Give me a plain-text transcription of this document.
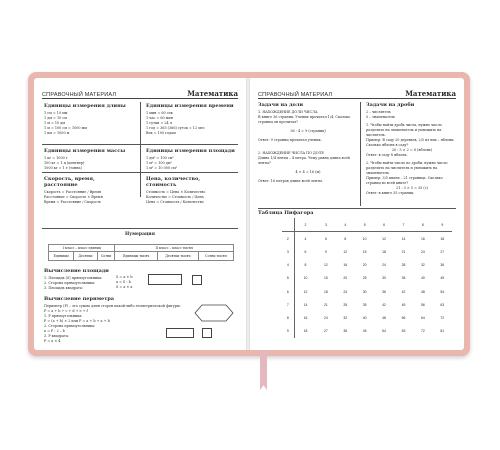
СПРАВОЧНЫЙ МАТЕРИАЛ	Математика
Единицы измерения длины
1 см = 10 мм
1 дм = 10 см
1 м = 10 дм
1 м = 100 см = 1000 мм
1 км = 1000 м
Единицы измерения времени
1 мин = 60 сек
1 час = 60 мин
1 сутки = 24 ч
1 год = 365 (366) суток = 12 мес
Век = 100 годам
Единицы измерения массы
1 кг = 1000 г
100 кг = 1 ц (центнер)
1000 кг = 1 т (тонна)
Единицы измерения площади
1 дм² = 100 см²
1 м² = 100 дм²
1 м² = 10 000 см²
Скорость, время, расстояние
Скорость = Расстояние / Время
Расстояние = Скорость × Время
Время = Расстояние / Скорость
Цена, количество, стоимость
Стоимость = Цена × Количество
Количество = Стоимость / Цена
Цена = Стоимость / Количество
Нумерация
I класс – класс единиц			II класс – класс тысяч		
Единицы	Десятки	Сотни	Единицы тысяч	Десятки тысяч	Сотни тысяч
Вычисление площади
1. Площадь (S) прямоугольника:
2. Сторона прямоугольника:
3. Площадь квадрата:
S = a × b
a = S : b
S = a × a
Вычисление периметра
Периметр (P) – это сумма длин сторон какой-либо геометрической фигуры:
P = a + b + c + d + e + f
1. P прямоугольника:
P = (a + b) × 2 или P = a + b + a + b
2. Сторона прямоугольника:
a = P : 2 – b
3. P квадрата:
P = a × 4
СПРАВОЧНЫЙ МАТЕРИАЛ	Математика
Задачи на доли
1. НАХОЖДЕНИЕ ДОЛИ ЧИСЛА
В книге 36 страниц. Ученик прочитал 1/4. Сколько страниц он прочитал?
36 : 4 = 9 (страниц)
Ответ: 9 страниц прочитал ученик.
2. НАХОЖДЕНИЕ ЧИСЛА ПО ДОЛЕ
Длина 1/4 ленты – 4 метра. Чему равна длина всей ленты?
4 × 4 = 16 (м)
Ответ: 16 метров длина всей ленты.
Задачи на дроби
2 – числитель
5 – знаменатель
1. Чтобы найти дробь числа, нужно число разделить на знаменатель и умножить на числитель.
Пример: В саду 20 деревьев, 2/5 из них – яблони. Сколько яблонь в саду?
20 : 5 × 2 = 8 (яблонь)
Ответ: в саду 8 яблонь.
2. Чтобы найти число по дроби, нужно число разделить на числитель и умножить на знаменатель.
Пример: 3/5 книги – 21 страница. Сколько страниц во всей книге?
21 : 3 × 5 = 35 (с)
Ответ: в книге 35 страниц.
Таблица Пифагора
	2	3	4	5	6	7	8	9
2	4	6	8	10	12	14	16	18
3	6	9	12	15	18	21	24	27
4	8	12	16	20	24	28	32	36
5	10	15	20	25	30	35	40	45
6	12	18	24	30	36	42	48	54
7	14	21	28	35	42	49	56	63
8	16	24	32	40	48	56	64	72
9	18	27	36	45	54	63	72	81
